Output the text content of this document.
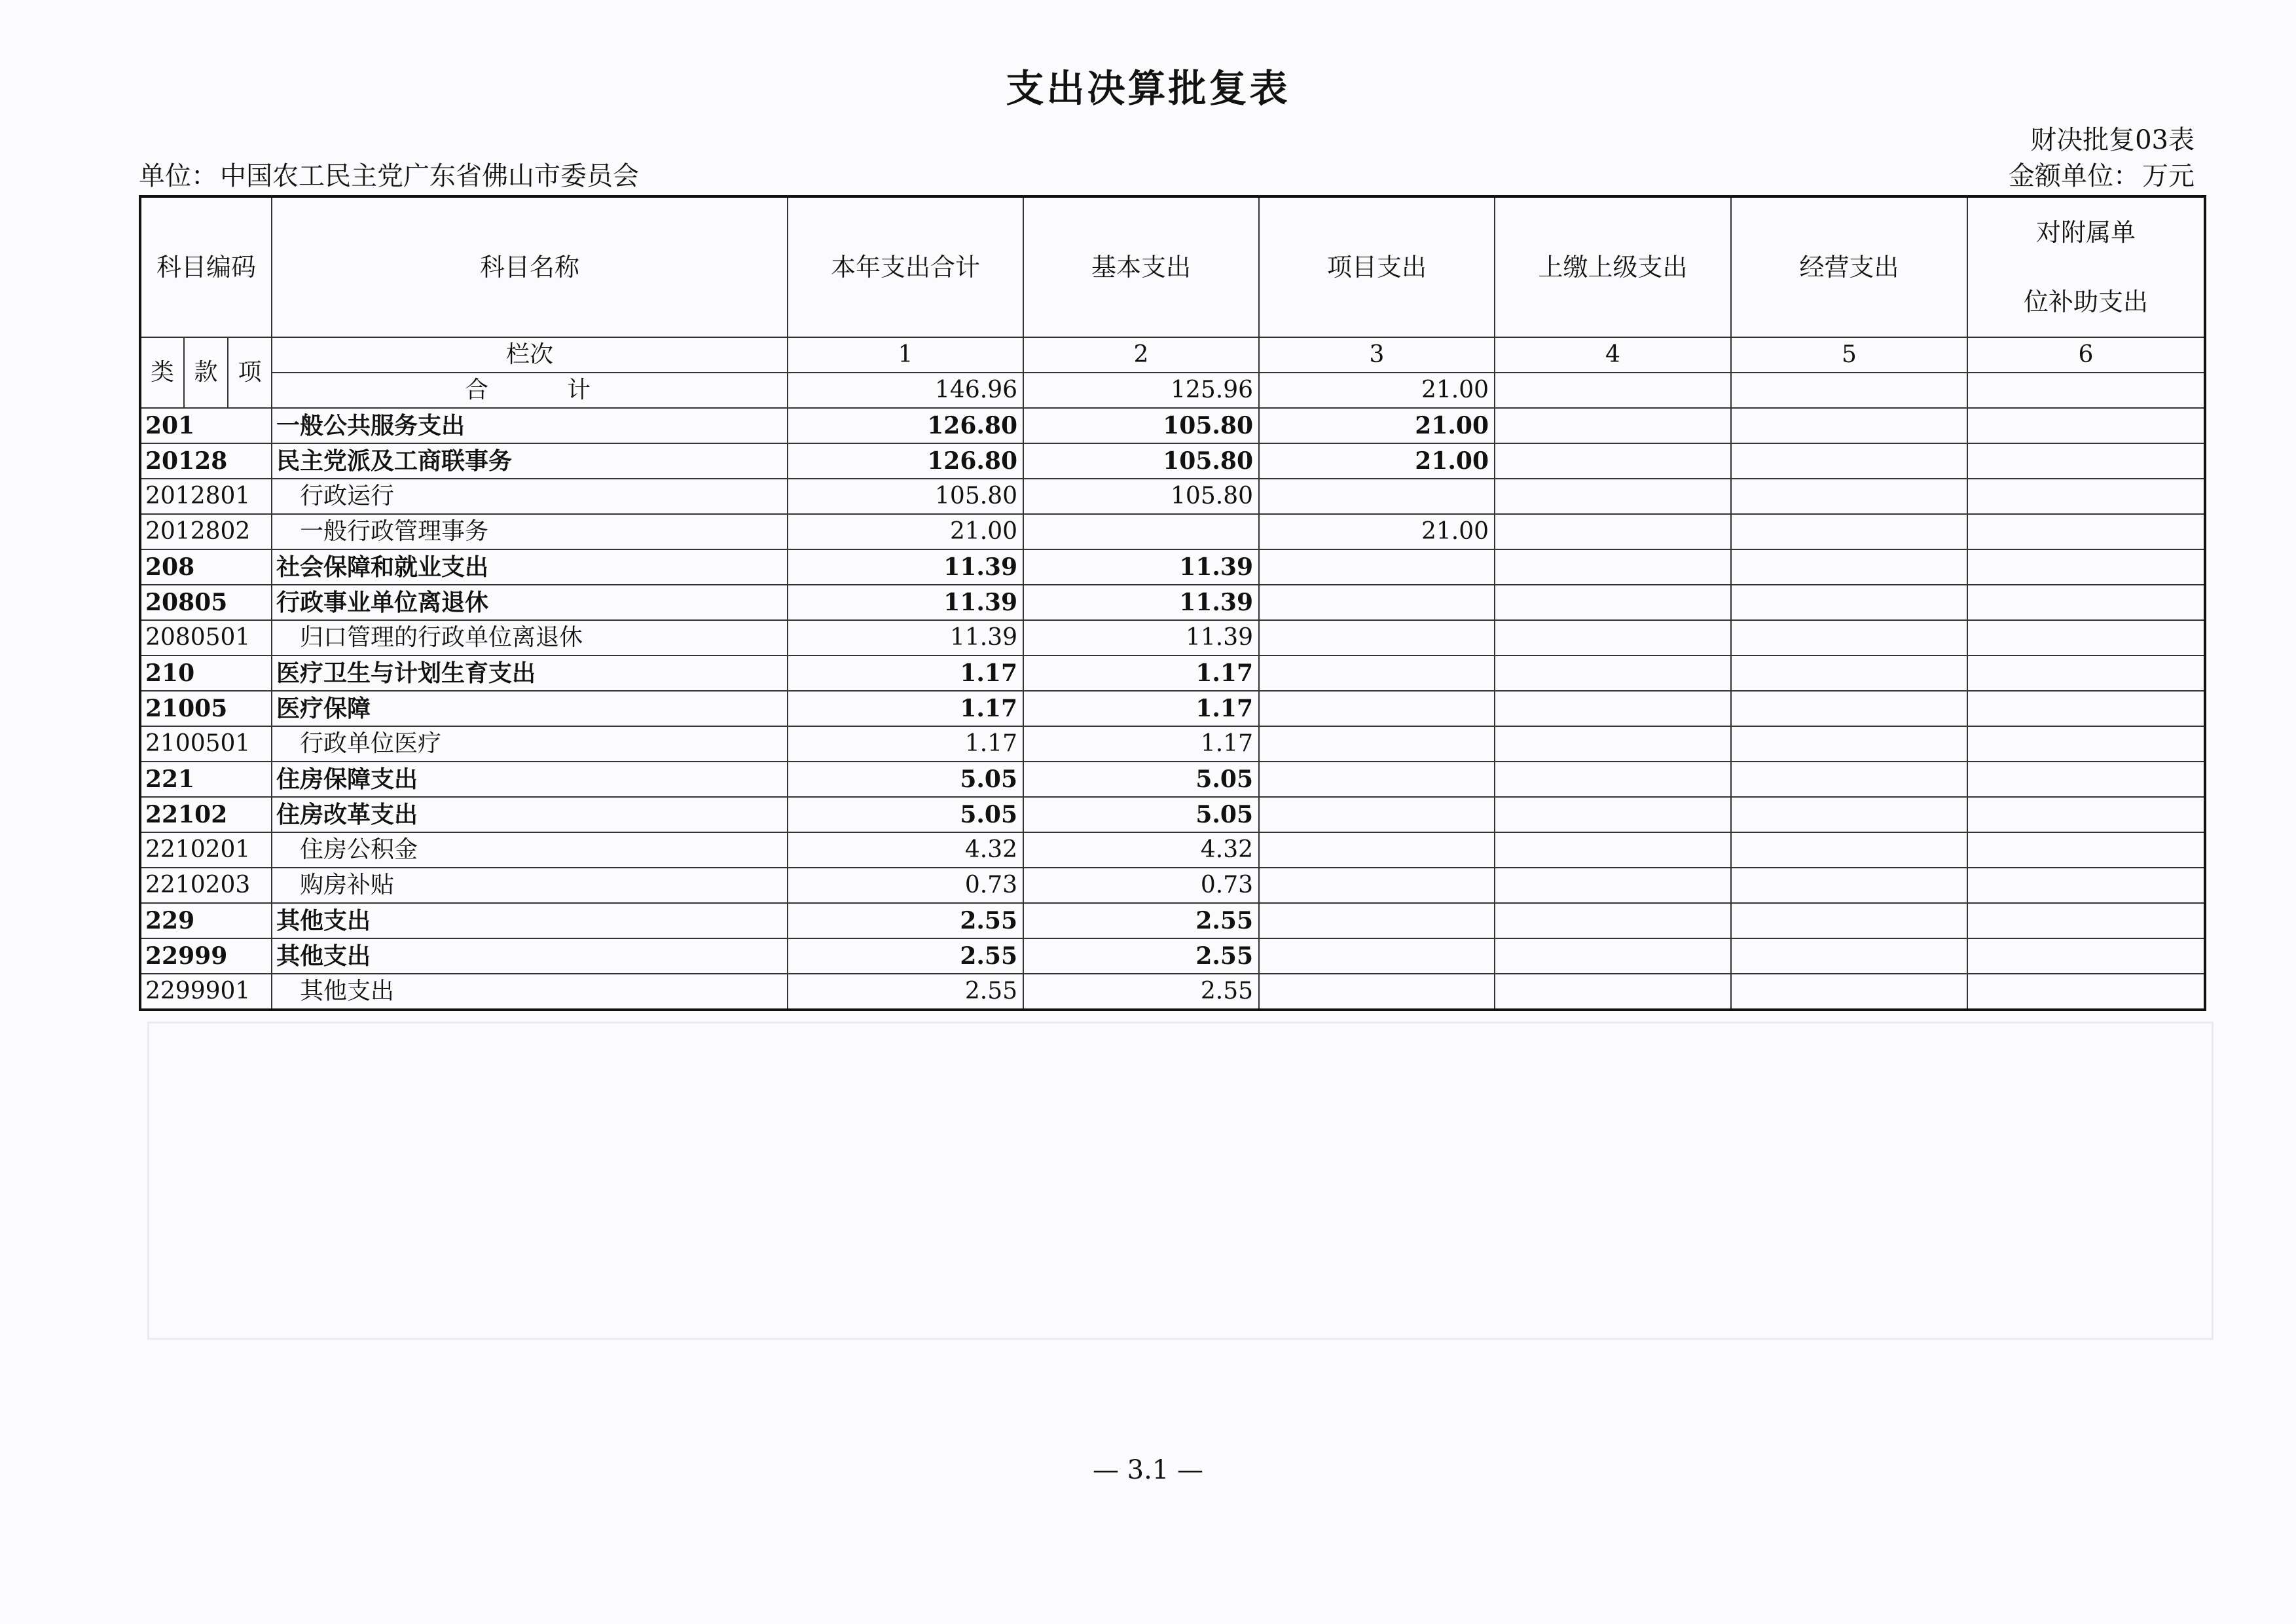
支出决算批复表
财决批复03表
单位： 中国农工民主党广东省佛山市委员会	金额单位： 万元
科目编码			科目名称	本年支出合计	基本支出	项目支出	上缴上级支出	经营支出	对附属单
位补助支出
类	款	项	栏次	1	2	3	4	5	6
			合计	146.96	125.96	21.00			
201			一般公共服务支出	126.80	105.80	21.00			
20128			民主党派及工商联事务	126.80	105.80	21.00			
2012801			行政运行	105.80	105.80				
2012802			一般行政管理事务	21.00		21.00			
208			社会保障和就业支出	11.39	11.39				
20805			行政事业单位离退休	11.39	11.39				
2080501			归口管理的行政单位离退休	11.39	11.39				
210			医疗卫生与计划生育支出	1.17	1.17				
21005			医疗保障	1.17	1.17				
2100501			行政单位医疗	1.17	1.17				
221			住房保障支出	5.05	5.05				
22102			住房改革支出	5.05	5.05				
2210201			住房公积金	4.32	4.32				
2210203			购房补贴	0.73	0.73				
229			其他支出	2.55	2.55				
22999			其他支出	2.55	2.55				
2299901			其他支出	2.55	2.55				
— 3.1 —
